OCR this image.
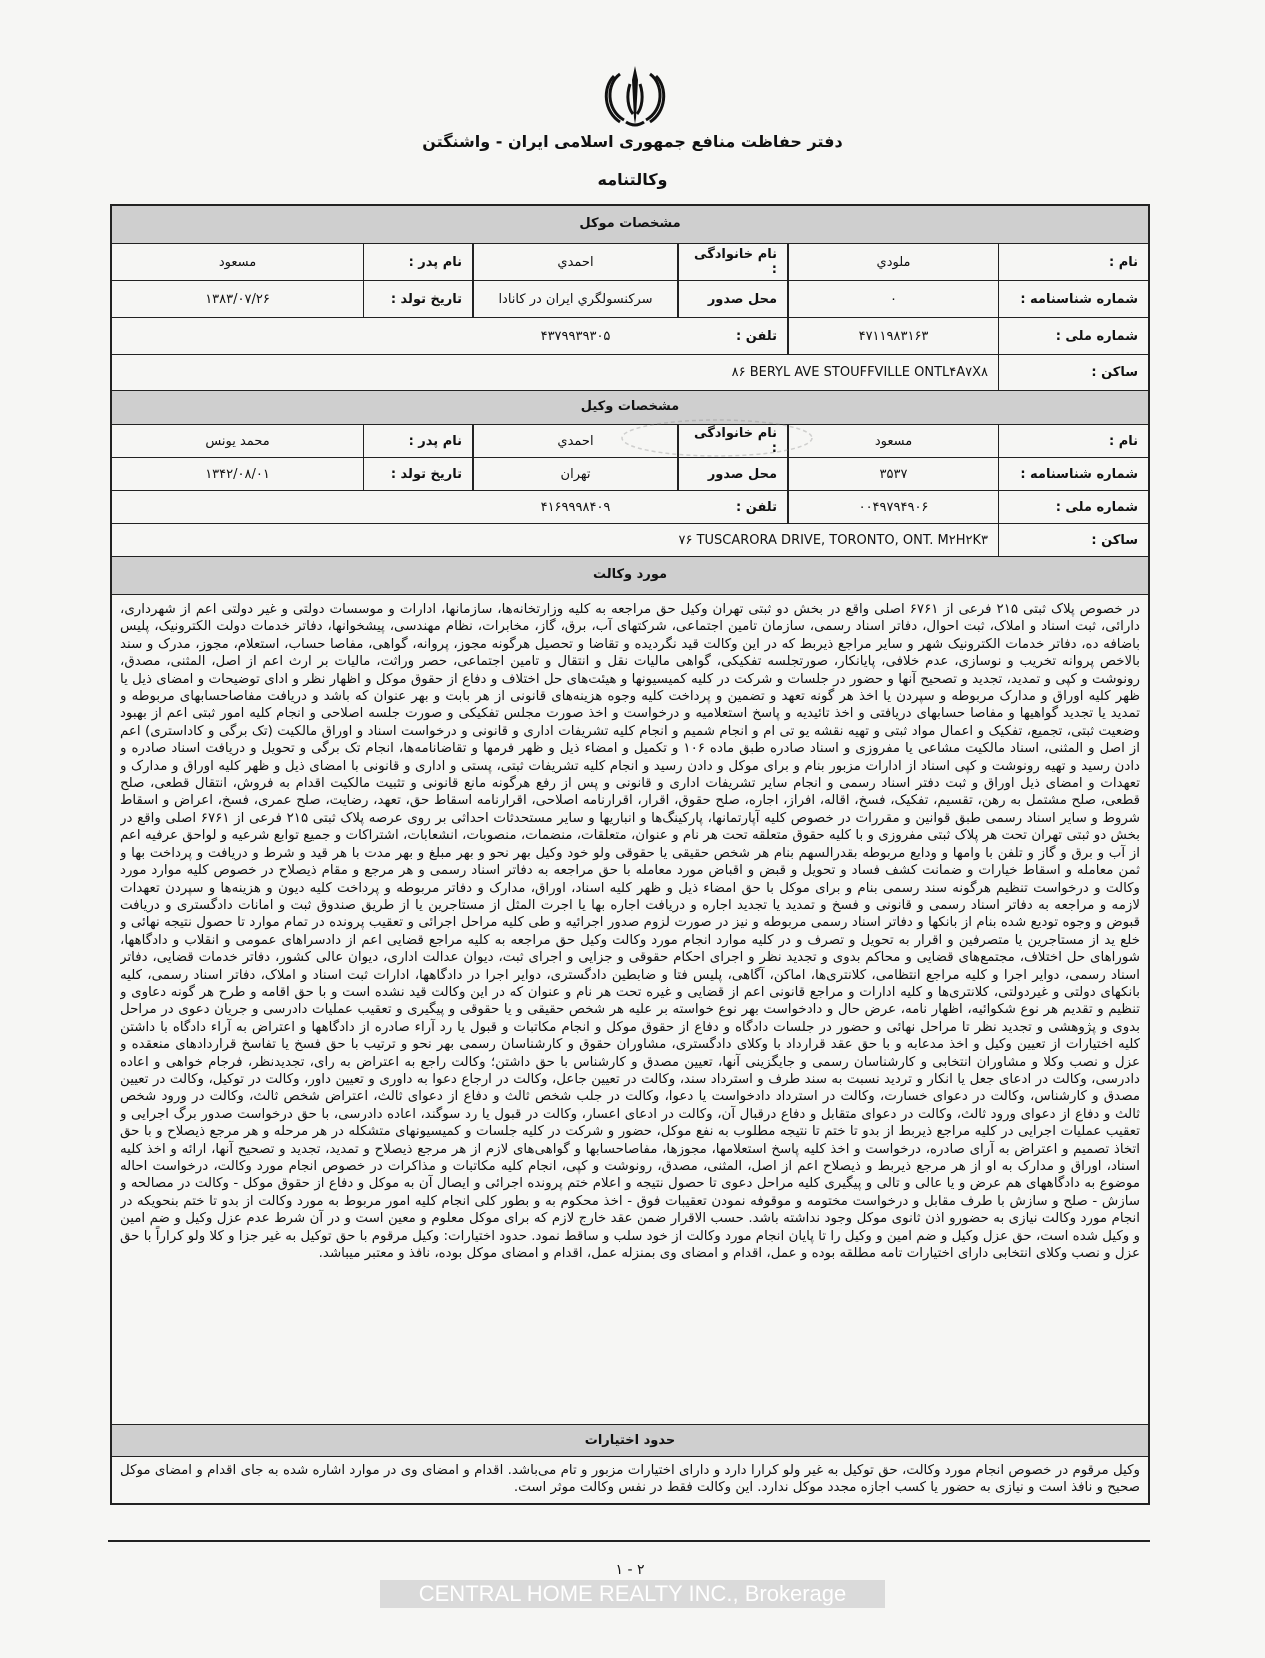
دفتر حفاظت منافع جمهوری اسلامی ایران - واشنگتن
وکالتنامه
مشخصات موکل
نام :
ملودي
نام خانوادگی :
احمدي
نام پدر :
مسعود
شماره شناسنامه :
۰
محل صدور
سرکنسولگري ایران در کانادا
تاریخ تولد :
۱۳۸۳/۰۷/۲۶
شماره ملی :
۴۷۱۱۹۸۳۱۶۳
تلفن :
۴۳۷۹۹۳۹۳۰۵
ساکن :
۸۶ BERYL AVE STOUFFVILLE ONTL۴A۷X۸
مشخصات وکیل
نام :
مسعود
نام خانوادگی :
احمدي
نام پدر :
محمد یونس
شماره شناسنامه :
۳۵۳۷
محل صدور
تهران
تاریخ تولد :
۱۳۴۲/۰۸/۰۱
شماره ملی :
۰۰۴۹۷۹۴۹۰۶
تلفن :
۴۱۶۹۹۹۸۴۰۹
ساکن :
۷۶ TUSCARORA DRIVE, TORONTO, ONT. M۲H۲K۳
مورد وکالت
در خصوص پلاک ثبتی ۲۱۵ فرعی از ۶۷۶۱ اصلی واقع در بخش دو ثبتی تهران وکیل حق مراجعه به کلیه وزارتخانه‌ها، سازمانها، ادارات و موسسات دولتی و غیر دولتی اعم از شهرداری، دارائی، ثبت اسناد و املاک، ثبت احوال، دفاتر اسناد رسمی، سازمان تامین اجتماعی، شرکتهای آب، برق، گاز، مخابرات، نظام مهندسی، پیشخوانها، دفاتر خدمات دولت الکترونیک، پلیس باضافه ده، دفاتر خدمات الکترونیک شهر و سایر مراجع ذیربط که در این وکالت قید نگردیده و تقاضا و تحصیل هرگونه مجوز، پروانه، گواهی، مفاصا حساب، استعلام، مجوز، مدرک و سند بالاخص پروانه تخریب و نوسازی، عدم خلافی، پایانکار، صورتجلسه تفکیکی، گواهی مالیات نقل و انتقال و تامین اجتماعی، حصر وراثت، مالیات بر ارث اعم از اصل، المثنی، مصدق، رونوشت و کپی و تمدید، تجدید و تصحیح آنها و حضور در جلسات و شرکت در کلیه کمیسیونها و هیئت‌های حل اختلاف و دفاع از حقوق موکل و اظهار نظر و ادای توضیحات و امضای ذیل یا ظهر کلیه اوراق و مدارک مربوطه و سپردن یا اخذ هر گونه تعهد و تضمین و پرداخت کلیه وجوه هزینه‌های قانونی از هر بابت و بهر عنوان که باشد و دریافت مفاصاحسابهای مربوطه و تمدید یا تجدید گواهیها و مفاصا حسابهای دریافتی و اخذ تائیدیه و پاسخ استعلامیه و درخواست و اخذ صورت مجلس تفکیکی و صورت جلسه اصلاحی و انجام کلیه امور ثبتی اعم از بهبود وضعیت ثبتی، تجمیع، تفکیک و اعمال مواد ثبتی و تهیه نقشه یو تی ام و انجام شمیم و انجام کلیه تشریفات اداری و قانونی و درخواست اسناد و اوراق مالکیت (تک برگی و کاداستری) اعم از اصل و المثنی، اسناد مالکیت مشاعی یا مفروزی و اسناد صادره طبق ماده ۱۰۶ و تکمیل و امضاء ذیل و ظهر فرمها و تقاضانامه‌ها، انجام تک برگی و تحویل و دریافت اسناد صادره و دادن رسید و تهیه رونوشت و کپی اسناد از ادارات مزبور بنام و برای موکل و دادن رسید و انجام کلیه تشریفات ثبتی، پستی و اداری و قانونی با امضای ذیل و ظهر کلیه اوراق و مدارک و تعهدات و امضای ذیل اوراق و ثبت دفتر اسناد رسمی و انجام سایر تشریفات اداری و قانونی و پس از رفع هرگونه مانع قانونی و تثبیت مالکیت اقدام به فروش، انتقال قطعی، صلح قطعی، صلح مشتمل به رهن، تقسیم، تفکیک، فسخ، اقاله، افراز، اجاره، صلح حقوق، اقرار، اقرارنامه اصلاحی، اقرارنامه اسقاط حق، تعهد، رضایت، صلح عمری، فسخ، اعراض و اسقاط شروط و سایر اسناد رسمی طبق قوانین و مقررات در خصوص کلیه آپارتمانها، پارکینگ‌ها و انباریها و سایر مستحدثات احداثی بر روی عرصه پلاک ثبتی ۲۱۵ فرعی از ۶۷۶۱ اصلی واقع در بخش دو ثبتی تهران تحت هر پلاک ثبتی مفروزی و با کلیه حقوق متعلقه تحت هر نام و عنوان، متعلقات، منضمات، منصوبات، انشعابات، اشتراکات و جمیع توابع شرعیه و لواحق عرفیه اعم از آب و برق و گاز و تلفن با وامها و ودایع مربوطه بقدرالسهم بنام هر شخص حقیقی یا حقوقی ولو خود وکیل بهر نحو و بهر مبلغ و بهر مدت با هر قید و شرط و دریافت و پرداخت بها و ثمن معامله و اسقاط خیارات و ضمانت کشف فساد و تحویل و قبض و اقباض مورد معامله با حق مراجعه به دفاتر اسناد رسمی و هر مرجع و مقام ذیصلاح در خصوص کلیه موارد مورد وکالت و درخواست تنظیم هرگونه سند رسمی بنام و برای موکل با حق امضاء ذیل و ظهر کلیه اسناد، اوراق، مدارک و دفاتر مربوطه و پرداخت کلیه دیون و هزینه‌ها و سپردن تعهدات لازمه و مراجعه به دفاتر اسناد رسمی و قانونی و فسخ و تمدید یا تجدید اجاره و دریافت اجاره بها یا اجرت المثل از مستاجرین یا از طریق صندوق ثبت و امانات دادگستری و دریافت قبوض و وجوه تودیع شده بنام از بانکها و دفاتر اسناد رسمی مربوطه و نیز در صورت لزوم صدور اجرائیه و طی کلیه مراحل اجرائی و تعقیب پرونده در تمام موارد تا حصول نتیجه نهائی و خلع ید از مستاجرین یا متصرفین و اقرار به تحویل و تصرف و در کلیه موارد انجام مورد وکالت وکیل حق مراجعه به کلیه مراجع قضایی اعم از دادسراهای عمومی و انقلاب و دادگاهها، شوراهای حل اختلاف، مجتمع‌های قضایی و محاکم بدوی و تجدید نظر و اجرای احکام حقوقی و جزایی و اجرای ثبت، دیوان عدالت اداری، دیوان عالی کشور، دفاتر خدمات قضایی، دفاتر اسناد رسمی، دوایر اجرا و کلیه مراجع انتظامی، کلانتری‌ها، اماکن، آگاهی، پلیس فتا و ضابطین دادگستری، دوایر اجرا در دادگاهها، ادارات ثبت اسناد و املاک، دفاتر اسناد رسمی، کلیه بانکهای دولتی و غیردولتی، کلانتری‌ها و کلیه ادارات و مراجع قانونی اعم از قضایی و غیره تحت هر نام و عنوان که در این وکالت قید نشده است و با حق اقامه و طرح هر گونه دعاوی و تنظیم و تقدیم هر نوع شکوائیه، اظهار نامه، عرض حال و دادخواست بهر نوع خواسته بر علیه هر شخص حقیقی و یا حقوقی و پیگیری و تعقیب عملیات دادرسی و جریان دعوی در مراحل بدوی و پژوهشی و تجدید نظر تا مراحل نهائی و حضور در جلسات دادگاه و دفاع از حقوق موکل و انجام مکاتبات و قبول یا رد آراء صادره از دادگاهها و اعتراض به آراء دادگاه با داشتن کلیه اختیارات از تعیین وکیل و اخذ مدعابه و با حق عقد قرارداد با وکلای دادگستری، مشاوران حقوق و کارشناسان رسمی بهر نحو و ترتیب با حق فسخ یا تفاسخ قراردادهای منعقده و عزل و نصب وکلا و مشاوران انتخابی و کارشناسان رسمی و جایگزینی آنها، تعیین مصدق و کارشناس با حق داشتن؛ وکالت راجع به اعتراض به رای، تجدیدنظر، فرجام خواهی و اعاده دادرسی، وکالت در ادعای جعل یا انکار و تردید نسبت به سند طرف و استرداد سند، وکالت در تعیین جاعل، وکالت در ارجاع دعوا به داوری و تعیین داور، وکالت در توکیل، وکالت در تعیین مصدق و کارشناس، وکالت در دعوای خسارت، وکالت در استرداد دادخواست یا دعوا، وکالت در جلب شخص ثالث و دفاع از دعوای ثالث، اعتراض شخص ثالث، وکالت در ورود شخص ثالث و دفاع از دعوای ورود ثالث، وکالت در دعوای متقابل و دفاع درقبال آن، وکالت در ادعای اعسار، وکالت در قبول یا رد سوگند، اعاده دادرسی، با حق درخواست صدور برگ اجرایی و تعقیب عملیات اجرایی در کلیه مراجع ذیربط از بدو تا ختم تا نتیجه مطلوب به نفع موکل، حضور و شرکت در کلیه جلسات و کمیسیونهای متشکله در هر مرحله و هر مرجع ذیصلاح و با حق اتخاذ تصمیم و اعتراض به آرای صادره، درخواست و اخذ کلیه پاسخ استعلامها، مجوزها، مفاصاحسابها و گواهی‌های لازم از هر مرجع ذیصلاح و تمدید، تجدید و تصحیح آنها، ارائه و اخذ کلیه اسناد، اوراق و مدارک به او از هر مرجع ذیربط و ذیصلاح اعم از اصل، المثنی، مصدق، رونوشت و کپی، انجام کلیه مکاتبات و مذاکرات در خصوص انجام مورد وکالت، درخواست احاله موضوع به دادگاههای هم عرض و یا عالی و تالی و پیگیری کلیه مراحل دعوی تا حصول نتیجه و اعلام ختم پرونده اجرائی و ایصال آن به موکل و دفاع از حقوق موکل - وکالت در مصالحه و سازش - صلح و سازش با طرف مقابل و درخواست مختومه و موقوفه نمودن تعقیبات فوق - اخذ محکوم به و بطور کلی انجام کلیه امور مربوط به مورد وکالت از بدو تا ختم بنحویکه در انجام مورد وکالت نیازی به حضورو اذن ثانوی موکل وجود نداشته باشد. حسب الاقرار ضمن عقد خارج لازم که برای موکل معلوم و معین است و در آن شرط عدم عزل وکیل و ضم امین و وکیل شده است، حق عزل وکیل و ضم امین و وکیل را تا پایان انجام مورد وکالت از خود سلب و ساقط نمود. حدود اختیارات: وکیل مرقوم با حق توکیل به غیر جزا و کلا ولو کراراً با حق عزل و نصب وکلای انتخابی دارای اختیارات تامه مطلقه بوده و عمل، اقدام و امضای وی بمنزله عمل، اقدام و امضای موکل بوده، نافذ و معتبر میباشد.
حدود اختیارات
وکیل مرقوم در خصوص انجام مورد وکالت، حق توکیل به غیر ولو کرارا دارد و دارای اختیارات مزبور و تام می‌باشد. اقدام و امضای وی در موارد اشاره شده به جای اقدام و امضای موکل صحیح و نافذ است و نیازی به حضور یا کسب اجازه مجدد موکل ندارد. این وکالت فقط در نفس وکالت موثر است.
۲ - ۱
CENTRAL HOME REALTY INC., Brokerage
